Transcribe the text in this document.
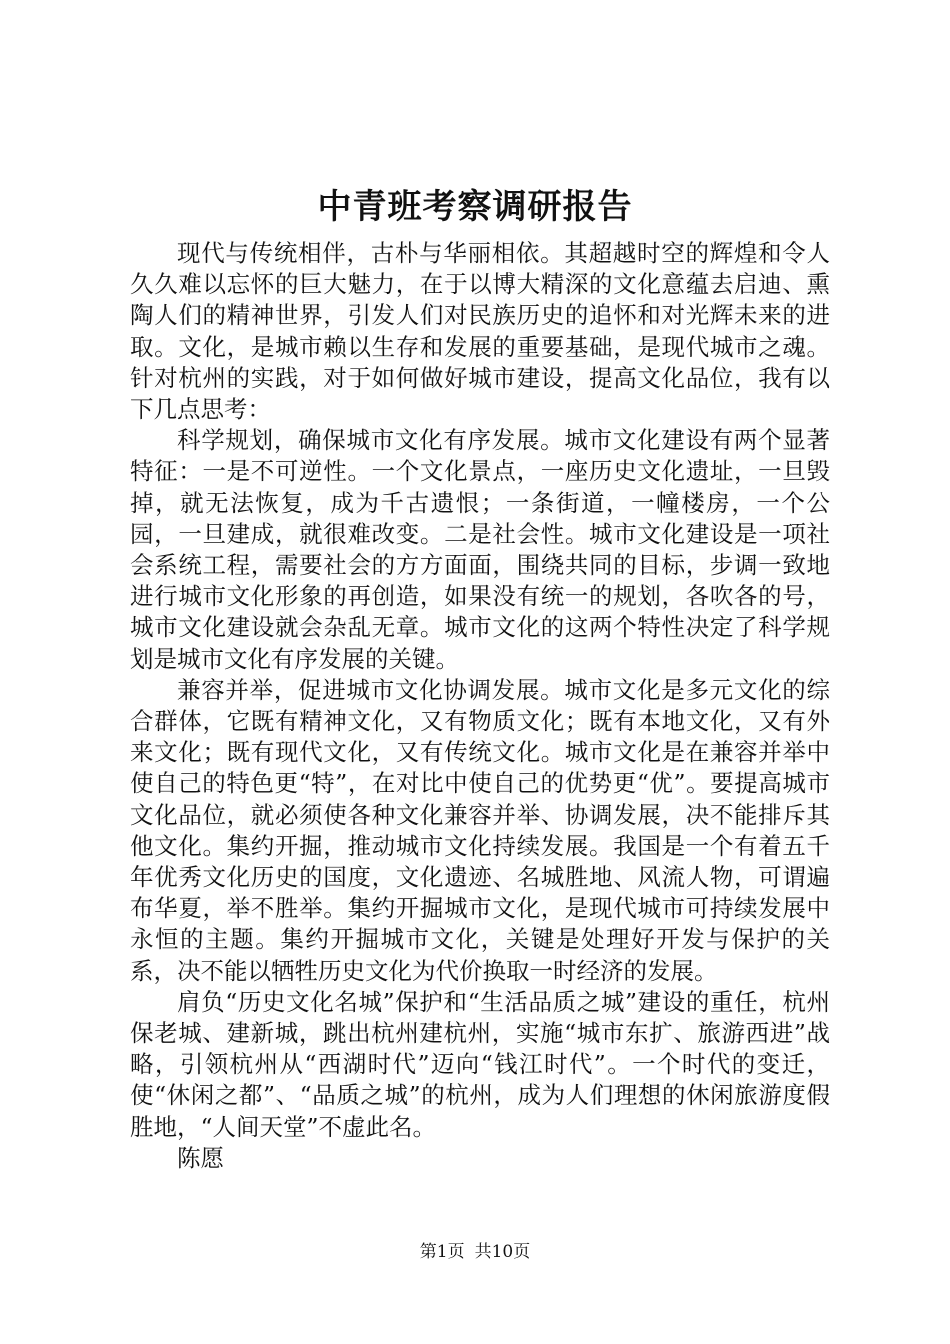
中青班考察调研报告

现代与传统相伴，古朴与华丽相依。其超越时空的辉煌和令人久久难以忘怀的巨大魅力，在于以博大精深的文化意蕴去启迪、熏陶人们的精神世界，引发人们对民族历史的追怀和对光辉未来的进取。文化，是城市赖以生存和发展的重要基础，是现代城市之魂。针对杭州的实践，对于如何做好城市建设，提高文化品位，我有以下几点思考：

科学规划，确保城市文化有序发展。城市文化建设有两个显著特征：一是不可逆性。一个文化景点，一座历史文化遗址，一旦毁掉，就无法恢复，成为千古遗恨；一条街道，一幢楼房，一个公园，一旦建成，就很难改变。二是社会性。城市文化建设是一项社会系统工程，需要社会的方方面面，围绕共同的目标，步调一致地进行城市文化形象的再创造，如果没有统一的规划，各吹各的号，城市文化建设就会杂乱无章。城市文化的这两个特性决定了科学规划是城市文化有序发展的关键。

兼容并举，促进城市文化协调发展。城市文化是多元文化的综合群体，它既有精神文化，又有物质文化；既有本地文化，又有外来文化；既有现代文化，又有传统文化。城市文化是在兼容并举中使自己的特色更“特”，在对比中使自己的优势更“优”。要提高城市文化品位，就必须使各种文化兼容并举、协调发展，决不能排斥其他文化。集约开掘，推动城市文化持续发展。我国是一个有着五千年优秀文化历史的国度，文化遗迹、名城胜地、风流人物，可谓遍布华夏，举不胜举。集约开掘城市文化，是现代城市可持续发展中永恒的主题。集约开掘城市文化，关键是处理好开发与保护的关系，决不能以牺牲历史文化为代价换取一时经济的发展。

肩负“历史文化名城”保护和“生活品质之城”建设的重任，杭州保老城、建新城，跳出杭州建杭州，实施“城市东扩、旅游西进”战略，引领杭州从“西湖时代”迈向“钱江时代”。一个时代的变迁，使“休闲之都”、“品质之城”的杭州，成为人们理想的休闲旅游度假胜地，“人间天堂”不虚此名。

陈愿

第1页 共10页
